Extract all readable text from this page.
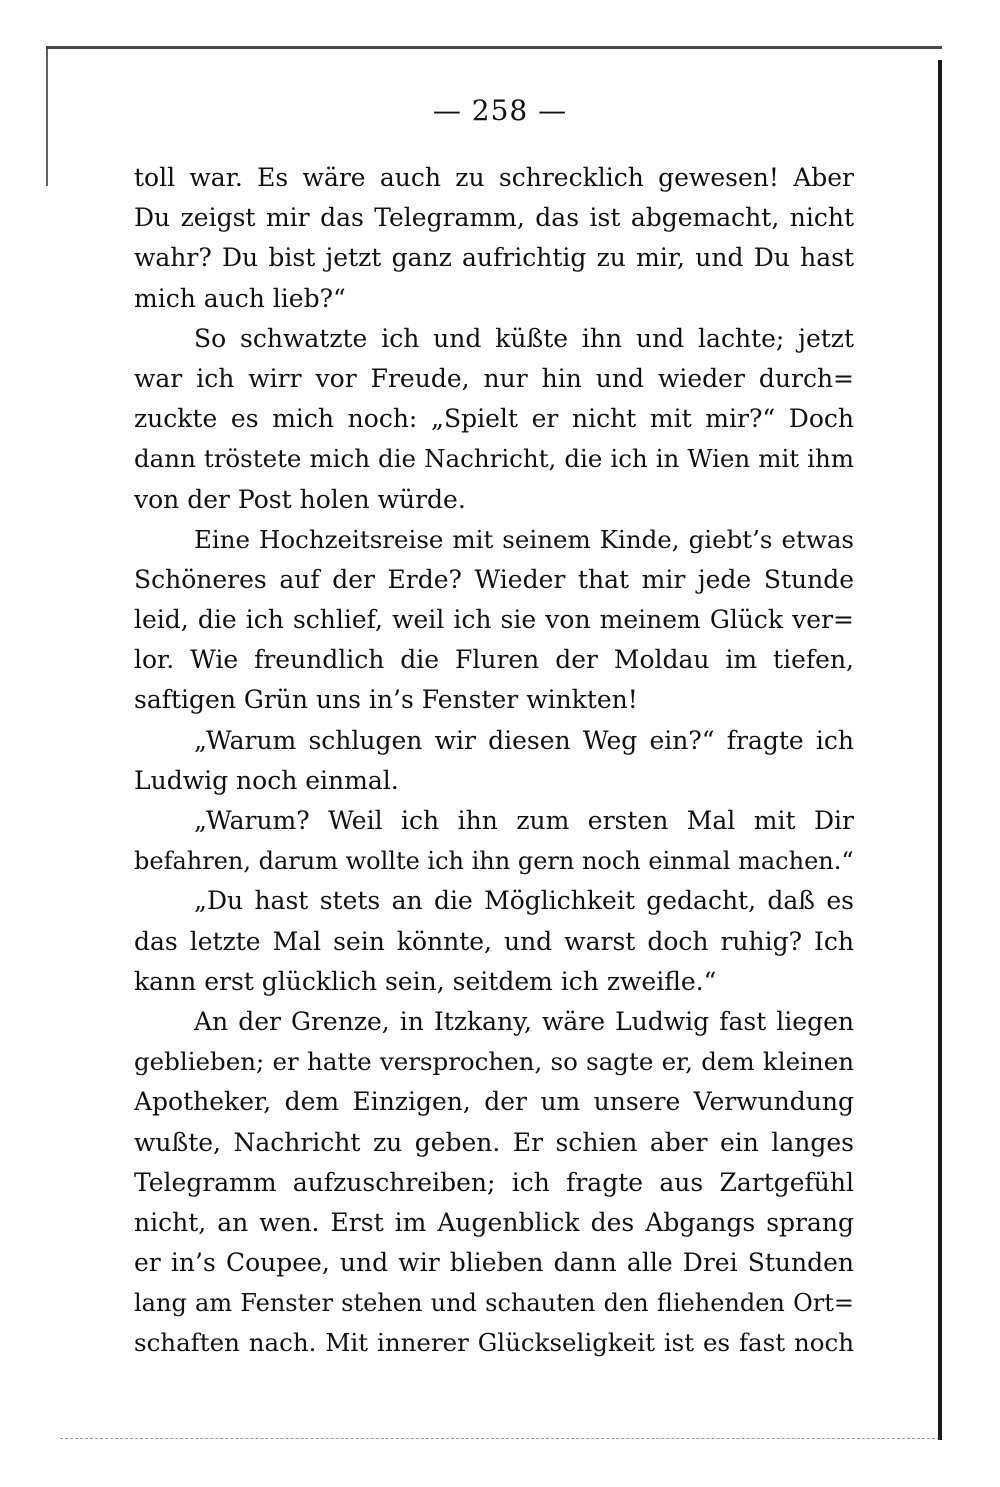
— 258 —
toll war. Es wäre auch zu schrecklich gewesen! Aber
Du zeigst mir das Telegramm, das ist abgemacht, nicht
wahr? Du bist jetzt ganz aufrichtig zu mir, und Du hast
mich auch lieb?“
So schwatzte ich und küßte ihn und lachte; jetzt
war ich wirr vor Freude, nur hin und wieder durch=
zuckte es mich noch: „Spielt er nicht mit mir?“ Doch
dann tröstete mich die Nachricht, die ich in Wien mit ihm
von der Post holen würde.
Eine Hochzeitsreise mit seinem Kinde, giebt’s etwas
Schöneres auf der Erde? Wieder that mir jede Stunde
leid, die ich schlief, weil ich sie von meinem Glück ver=
lor. Wie freundlich die Fluren der Moldau im tiefen,
saftigen Grün uns in’s Fenster winkten!
„Warum schlugen wir diesen Weg ein?“ fragte ich
Ludwig noch einmal.
„Warum? Weil ich ihn zum ersten Mal mit Dir
befahren, darum wollte ich ihn gern noch einmal machen.“
„Du hast stets an die Möglichkeit gedacht, daß es
das letzte Mal sein könnte, und warst doch ruhig? Ich
kann erst glücklich sein, seitdem ich zweifle.“
An der Grenze, in Itzkany, wäre Ludwig fast liegen
geblieben; er hatte versprochen, so sagte er, dem kleinen
Apotheker, dem Einzigen, der um unsere Verwundung
wußte, Nachricht zu geben. Er schien aber ein langes
Telegramm aufzuschreiben; ich fragte aus Zartgefühl
nicht, an wen. Erst im Augenblick des Abgangs sprang
er in’s Coupee, und wir blieben dann alle Drei Stunden
lang am Fenster stehen und schauten den fliehenden Ort=
schaften nach. Mit innerer Glückseligkeit ist es fast noch
